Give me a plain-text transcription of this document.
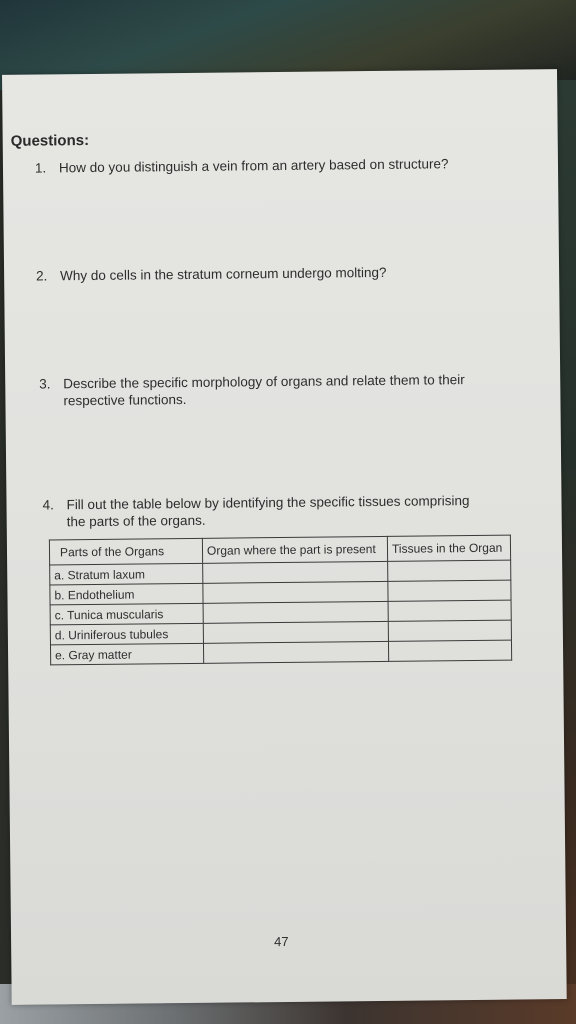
Questions:
1. How do you distinguish a vein from an artery based on structure?
2. Why do cells in the stratum corneum undergo molting?
3. Describe the specific morphology of organs and relate them to their respective functions.
4. Fill out the table below by identifying the specific tissues comprising the parts of the organs.
Parts of the Organs	Organ where the part is present	Tissues in the Organ
a. Stratum laxum		
b. Endothelium		
c. Tunica muscularis		
d. Uriniferous tubules		
e. Gray matter		
47
